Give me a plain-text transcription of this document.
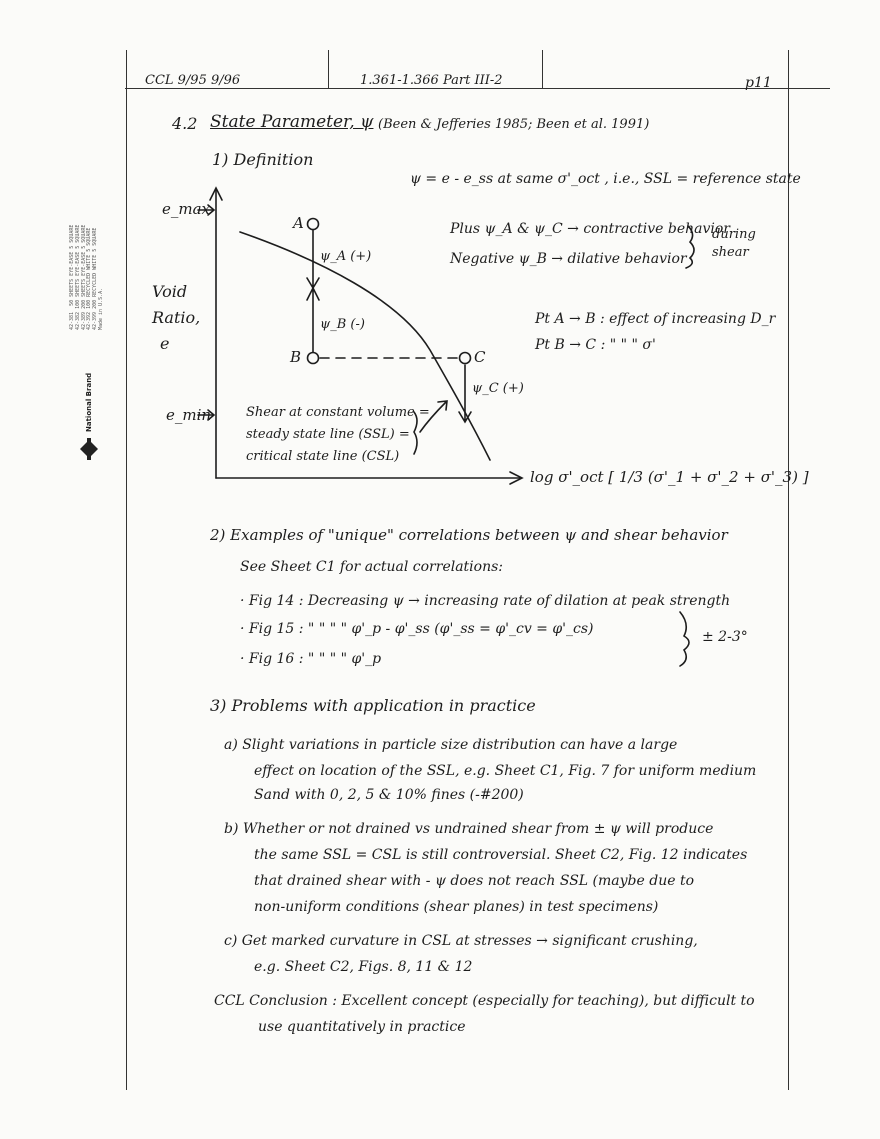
42-381  50 SHEETS EYE-EASE 5 SQUARE
42-382 100 SHEETS EYE-EASE 5 SQUARE
42-389 200 SHEETS EYE-EASE 5 SQUARE
42-392 100 RECYCLED WHITE 5 SQUARE
42-399 200 RECYCLED WHITE 5 SQUARE
Made in U.S.A.
National Brand
CCL 9/95 9/96	1.361-1.366 Part III-2	p11
4.2 State Parameter, ψ (Been & Jefferies 1985; Been et al. 1991)
1) Definition
ψ = e - e_ss at same σ'_oct , i.e., SSL = reference state
Plus ψ_A & ψ_C → contractive behavior
Negative ψ_B → dilative behavior
during
shear
Pt A → B : effect of increasing D_r
Pt B → C : " " " σ'
e_max
e_min
Void
Ratio,
e
A
B	C
ψ_A (+)
ψ_B (-)
ψ_C (+)
Shear at constant volume =
steady state line (SSL) =
critical state line (CSL)
log σ'_oct [ 1/3 (σ'_1 + σ'_2 + σ'_3) ]
2) Examples of "unique" correlations between ψ and shear behavior
See Sheet C1 for actual correlations:
· Fig 14 : Decreasing ψ → increasing rate of dilation at peak strength
· Fig 15 : " " " " φ'_p - φ'_ss (φ'_ss = φ'_cv = φ'_cs)
· Fig 16 : " " " " φ'_p
± 2-3°
3) Problems with application in practice
a) Slight variations in particle size distribution can have a large
effect on location of the SSL, e.g. Sheet C1, Fig. 7 for uniform medium
Sand with 0, 2, 5 & 10% fines (-#200)
b) Whether or not drained vs undrained shear from ± ψ will produce
the same SSL = CSL is still controversial. Sheet C2, Fig. 12 indicates
that drained shear with - ψ does not reach SSL (maybe due to
non-uniform conditions (shear planes) in test specimens)
c) Get marked curvature in CSL at stresses → significant crushing,
e.g. Sheet C2, Figs. 8, 11 & 12
CCL Conclusion : Excellent concept (especially for teaching), but difficult to
use quantitatively in practice
